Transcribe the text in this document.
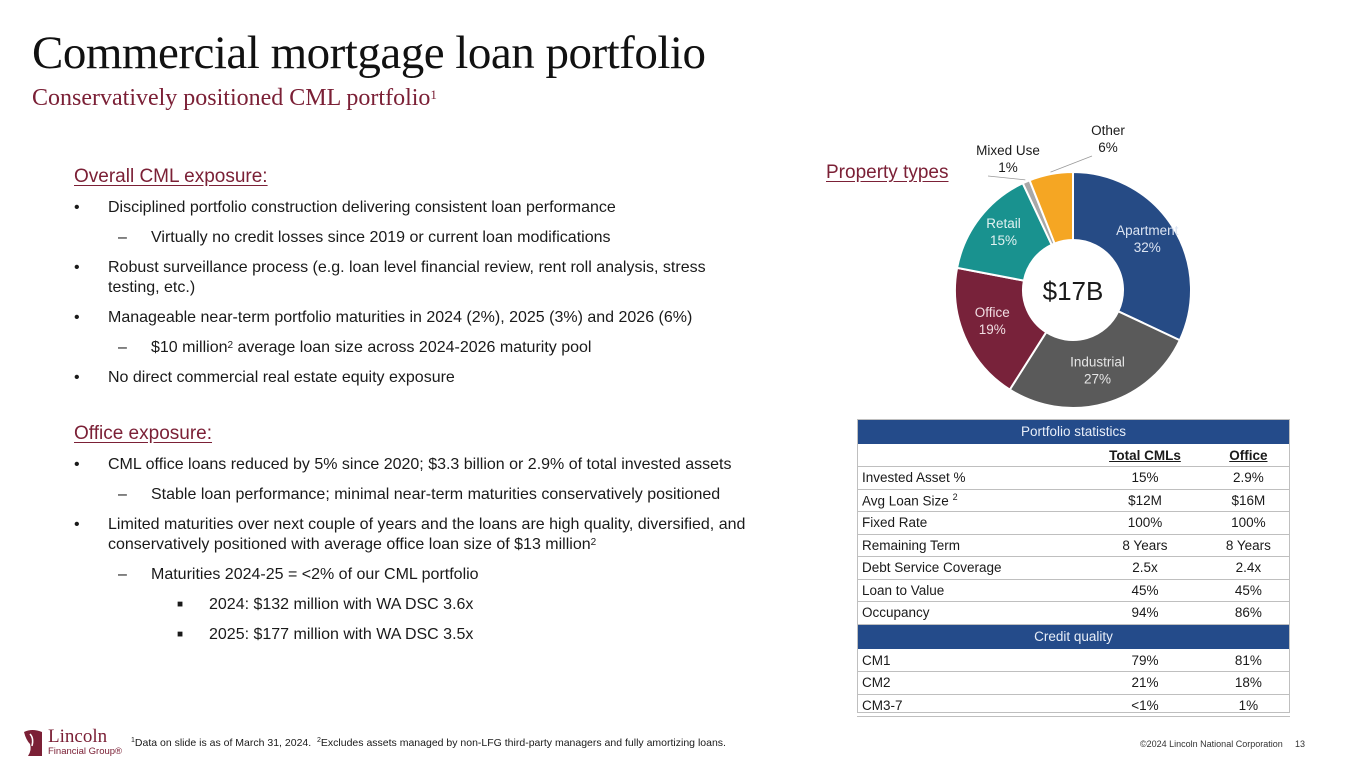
Commercial mortgage loan portfolio
Conservatively positioned CML portfolio$^1$
Overall CML exposure:
• Disciplined portfolio construction delivering consistent loan performance
– Virtually no credit losses since 2019 or current loan modifications
• Robust surveillance process (e.g. loan level financial review, rent roll analysis, stress testing, etc.)
• Manageable near-term portfolio maturities in 2024 (2%), 2025 (3%) and 2026 (6%)
– $10 million$^2$ average loan size across 2024-2026 maturity pool
• No direct commercial real estate equity exposure
Office exposure:
• CML office loans reduced by 5% since 2020; $3.3 billion or 2.9% of total invested assets
– Stable loan performance; minimal near-term maturities conservatively positioned
• Limited maturities over next couple of years and the loans are high quality, diversified, and conservatively positioned with average office loan size of $13 million$^2$
– Maturities 2024-25 = <2% of our CML portfolio
■ 2024: $132 million with WA DSC 3.6x
■ 2025: $177 million with WA DSC 3.5x
Property types
Apartment
32%
Industrial
27%
Office
19%
Retail
15%
Mixed Use
1%
Other
6%
$17B
Portfolio statistics		
	Total CMLs	Office
Invested Asset %	15%	2.9%
Avg Loan Size $^2$	$12M	$16M
Fixed Rate	100%	100%
Remaining Term	8 Years	8 Years
Debt Service Coverage	2.5x	2.4x
Loan to Value	45%	45%
Occupancy	94%	86%
Credit quality		
CM1	79%	81%
CM2	21%	18%
CM3-7	<1%	1%
Lincoln
Financial Group®
$^1$Data on slide is as of March 31, 2024. $^2$Excludes assets managed by non-LFG third-party managers and fully amortizing loans.	©2024 Lincoln National Corporation 13
